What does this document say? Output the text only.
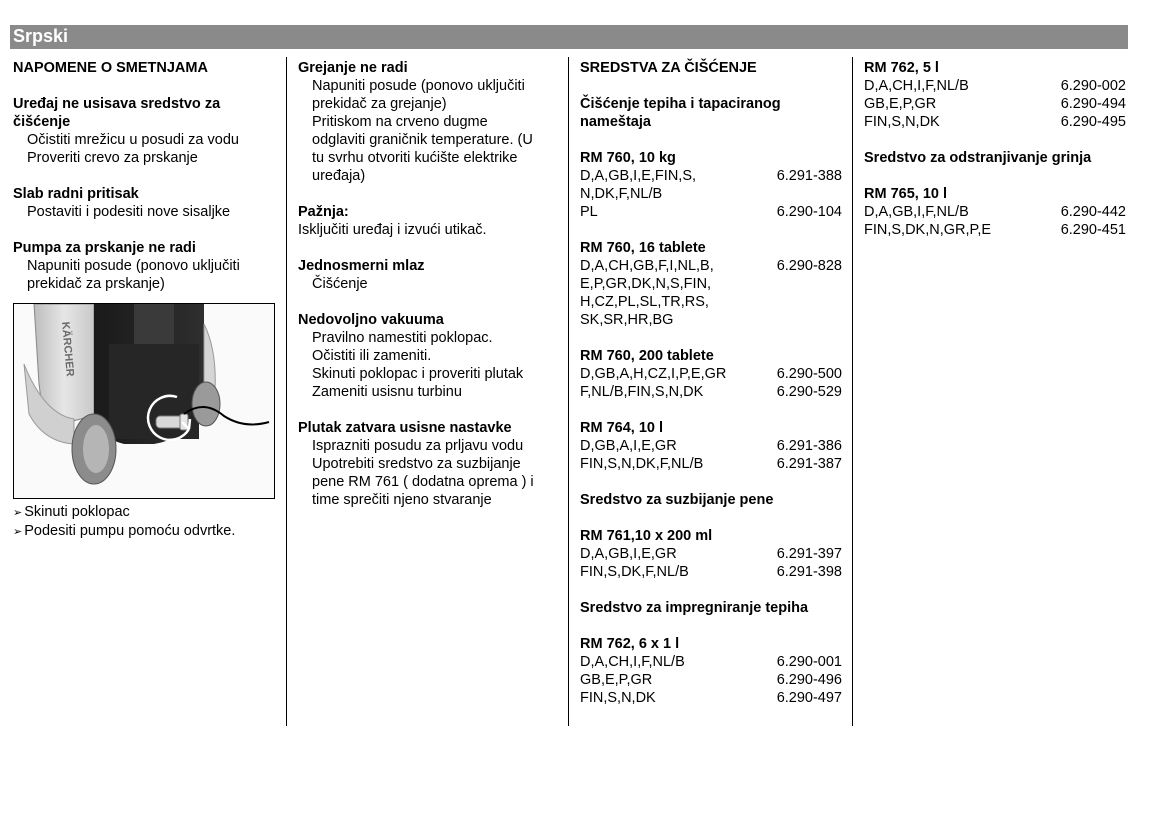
Srpski
NAPOMENE O SMETNJAMA
Uređaj ne usisava sredstvo za
čišćenje
Očistiti mrežicu u posudi za vodu
Proveriti crevo za prskanje
Slab radni pritisak
Postaviti i podesiti nove sisaljke
Pumpa za prskanje ne radi
Napuniti posude (ponovo uključiti
prekidač za prskanje)
KÄRCHER
➢ Skinuti poklopac
➢ Podesiti pumpu pomoću odvrtke.
Grejanje ne radi
Napuniti posude (ponovo uključiti
prekidač za grejanje)
Pritiskom na crveno dugme
odglaviti graničnik temperature. (U
tu svrhu otvoriti kućište elektrike
uređaja)
Pažnja:
Isključiti uređaj i izvući utikač.
Jednosmerni mlaz
Čišćenje
Nedovoljno vakuuma
Pravilno namestiti poklopac.
Očistiti ili zameniti.
Skinuti poklopac i proveriti plutak
Zameniti usisnu turbinu
Plutak zatvara usisne nastavke
Isprazniti posudu za prljavu vodu
Upotrebiti sredstvo za suzbijanje
pene RM 761 ( dodatna oprema ) i
time sprečiti njeno stvaranje
SREDSTVA ZA ČIŠĆENJE
Čišćenje tepiha i tapaciranog
nameštaja
RM 760, 10 kg
D,A,GB,I,E,FIN,S,	6.291-388
N,DK,F,NL/B
PL	6.290-104
RM 760, 16 tablete
D,A,CH,GB,F,I,NL,B,	6.290-828
E,P,GR,DK,N,S,FIN,
H,CZ,PL,SL,TR,RS,
SK,SR,HR,BG
RM 760, 200 tablete
D,GB,A,H,CZ,I,P,E,GR	6.290-500
F,NL/B,FIN,S,N,DK	6.290-529
RM 764, 10 l
D,GB,A,I,E,GR	6.291-386
FIN,S,N,DK,F,NL/B	6.291-387
Sredstvo za suzbijanje pene
RM 761,10 x 200 ml
D,A,GB,I,E,GR	6.291-397
FIN,S,DK,F,NL/B	6.291-398
Sredstvo za impregniranje tepiha
RM 762, 6 x 1 l
D,A,CH,I,F,NL/B	6.290-001
GB,E,P,GR	6.290-496
FIN,S,N,DK	6.290-497
RM 762, 5 l
D,A,CH,I,F,NL/B	6.290-002
GB,E,P,GR	6.290-494
FIN,S,N,DK	6.290-495
Sredstvo za odstranjivanje grinja
RM 765, 10 l
D,A,GB,I,F,NL/B	6.290-442
FIN,S,DK,N,GR,P,E	6.290-451
